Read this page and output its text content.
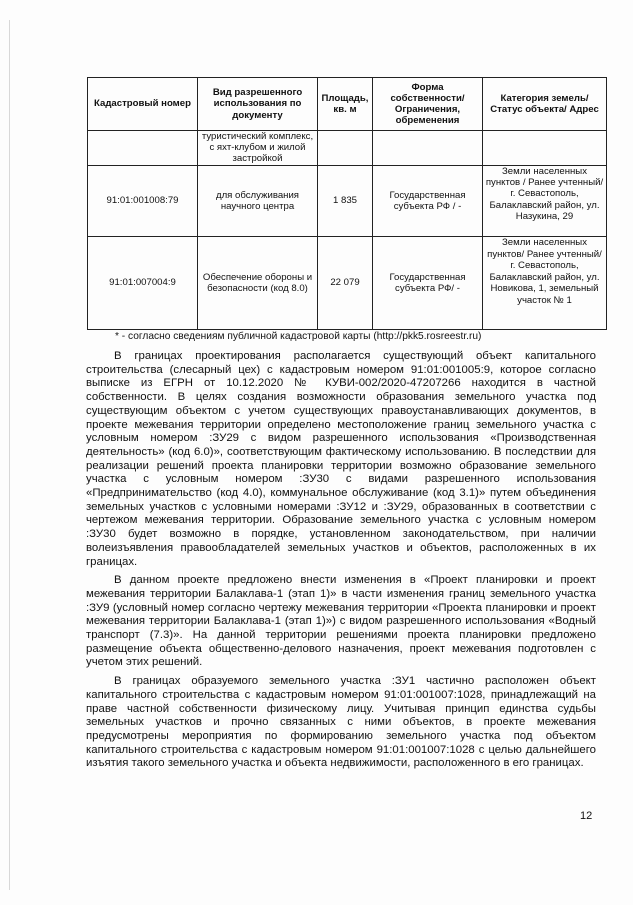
Кадастровый номер	Вид разрешенного использования по документу	Площадь, кв. м	Форма собственности/ Ограничения, обременения	Категория земель/ Статус объекта/ Адрес
	туристический комплекс, с яхт-клубом и жилой застройкой			
91:01:001008:79	для обслуживания научного центра	1 835	Государственная субъекта РФ / -	Земли населенных пунктов / Ранее учтенный/ г. Севастополь, Балаклавский район, ул. Назукина, 29
91:01:007004:9	Обеспечение обороны и безопасности (код 8.0)	22 079	Государственная субъекта РФ/ -	Земли населенных пунктов/ Ранее учтенный/ г. Севастополь, Балаклавский район, ул. Новикова, 1, земельный участок № 1
* - согласно сведениям публичной кадастровой карты (http://pkk5.rosreestr.ru)

В границах проектирования располагается существующий объект капитального строительства (слесарный цех) с кадастровым номером 91:01:001005:9, которое согласно выписке из ЕГРН от 10.12.2020 № КУВИ-002/2020-47207266 находится в частной собственности. В целях создания возможности образования земельного участка под существующим объектом с учетом существующих правоустанавливающих документов, в проекте межевания территории определено местоположение границ земельного участка с условным номером :ЗУ29 с видом разрешенного использования «Производственная деятельность» (код 6.0)», соответствующим фактическому использованию. В последствии для реализации решений проекта планировки территории возможно образование земельного участка с условным номером :ЗУ30 с видами разрешенного использования «Предпринимательство (код 4.0), коммунальное обслуживание (код 3.1)» путем объединения земельных участков с условными номерами :ЗУ12 и :ЗУ29, образованных в соответствии с чертежом межевания территории. Образование земельного участка с условным номером :ЗУ30 будет возможно в порядке, установленном законодательством, при наличии волеизъявления правообладателей земельных участков и объектов, расположенных в их границах.

В данном проекте предложено внести изменения в «Проект планировки и проект межевания территории Балаклава-1 (этап 1)» в части изменения границ земельного участка :ЗУ9 (условный номер согласно чертежу межевания территории «Проекта планировки и проект межевания территории Балаклава-1 (этап 1)») с видом разрешенного использования «Водный транспорт (7.3)». На данной территории решениями проекта планировки предложено размещение объекта общественно-делового назначения, проект межевания подготовлен с учетом этих решений.

В границах образуемого земельного участка :ЗУ1 частично расположен объект капитального строительства с кадастровым номером 91:01:001007:1028, принадлежащий на праве частной собственности физическому лицу. Учитывая принцип единства судьбы земельных участков и прочно связанных с ними объектов, в проекте межевания предусмотрены мероприятия по формированию земельного участка под объектом капитального строительства с кадастровым номером 91:01:001007:1028 с целью дальнейшего изъятия такого земельного участка и объекта недвижимости, расположенного в его границах.

12
